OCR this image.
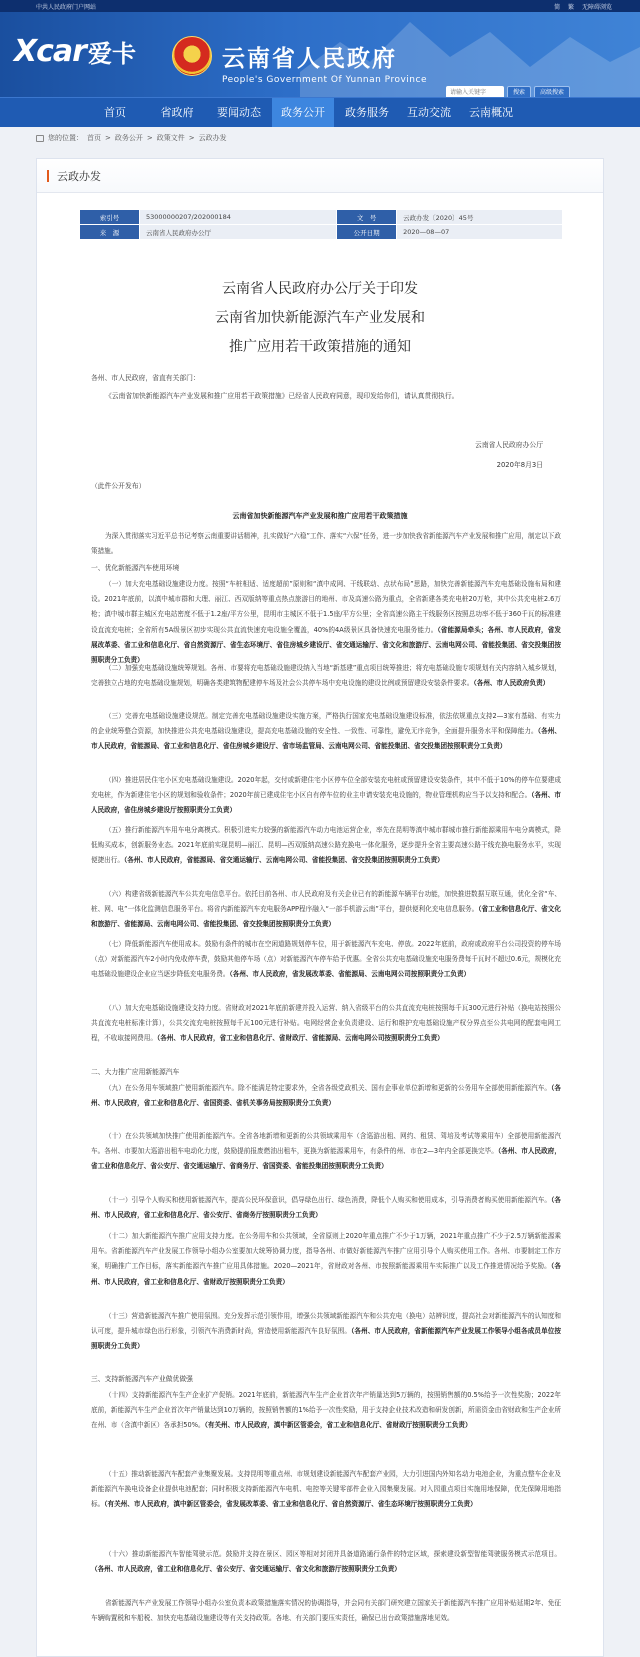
中共人民政府门户网站	简 繁 无障碍浏览
Xcar 爱卡	云南省人民政府
People's Government Of Yunnan Province
请输入关键字
搜索	高级搜索
首页	省政府	要闻动态	政务公开	政务服务	互动交流	云南概况
您的位置： 首页 > 政务公开 > 政策文件 > 云政办发
云政办发
索引号	53000000207/202000184	文　号	云政办发〔2020〕45号
来　源	云南省人民政府办公厅	公开日期	2020—08—07
云南省人民政府办公厅关于印发
云南省加快新能源汽车产业发展和
推广应用若干政策措施的通知
各州、市人民政府，省直有关部门：
《云南省加快新能源汽车产业发展和推广应用若干政策措施》已经省人民政府同意，现印发给你们，请认真贯彻执行。
云南省人民政府办公厅
2020年8月3日
（此件公开发布）
云南省加快新能源汽车产业发展和推广应用若干政策措施
为深入贯彻落实习近平总书记考察云南重要讲话精神，扎实做好“六稳”工作、落实“六保”任务，进一步加快我省新能源汽车产业发展和推广应用，制定以下政策措施。
一、优化新能源汽车使用环境
（一）加大充电基础设施建设力度。按照“车桩相适、适度超前”原则和“滇中成网、干线联动、点状布局”思路，加快完善新能源汽车充电基础设施布局和建设。2021年底前，以滇中城市群和大理、丽江、西双版纳等重点热点旅游目的地州、市及高速公路为重点，全省新建各类充电桩20万枪，其中公共充电桩2.6万枪；滇中城市群主城区充电站密度不低于1.2座/平方公里，昆明市主城区不低于1.5座/平方公里；全省高速公路主干线服务区按照总功率不低于360千瓦的标准建设直流充电桩；全省所有5A级景区初步实现公共直流快速充电设施全覆盖，40%的4A级景区具备快速充电服务能力。（省能源局牵头；各州、市人民政府，省发展改革委、省工业和信息化厅、省自然资源厅、省生态环境厅、省住房城乡建设厅、省交通运输厅、省文化和旅游厅、云南电网公司、省能投集团、省交投集团按照职责分工负责）
（二）加强充电基础设施统筹规划。各州、市要将充电基础设施建设纳入当地“新基建”重点项目统筹推进；将充电基础设施专项规划有关内容纳入城乡规划，完善独立占地的充电基础设施规划，明确各类建筑物配建停车场及社会公共停车场中充电设施的建设比例或预留建设安装条件要求。（各州、市人民政府负责）
（三）完善充电基础设施建设规范。制定完善充电基础设施建设实施方案，严格执行国家充电基础设施建设标准，依法依规重点支持2—3家有基础、有实力的企业统筹整合资源，加快推进公共充电基础设施建设，提高充电基础设施的安全性、一致性、可靠性，避免无序竞争，全面提升服务水平和保障能力。（各州、市人民政府，省能源局、省工业和信息化厅、省住房城乡建设厅、省市场监管局、云南电网公司、省能投集团、省交投集团按照职责分工负责）
（四）推进居民住宅小区充电基础设施建设。2020年起，交付或新建住宅小区停车位全部安装充电桩或预留建设安装条件，其中不低于10%的停车位要建成充电桩，作为新建住宅小区的规划和验收条件；2020年前已建成住宅小区自有停车位的业主申请安装充电设施的，物业管理机构应当予以支持和配合。（各州、市人民政府，省住房城乡建设厅按照职责分工负责）
（五）推行新能源汽车用车电分离模式。积极引进实力较强的新能源汽车动力电池运营企业，率先在昆明等滇中城市群城市推行新能源乘用车电分离模式，降低购买成本，创新服务业态。2021年底前实现昆明—丽江、昆明—西双版纳高速公路充换电一体化服务，逐步提升全省主要高速公路干线充换电服务水平，实现便捷出行。（各州、市人民政府，省能源局、省交通运输厅、云南电网公司、省能投集团、省交投集团按照职责分工负责）
（六）构建省级新能源汽车公共充电信息平台。依托目前各州、市人民政府及有关企业已有的新能源车辆平台功能，加快推进数据互联互通，优化全省“车、桩、网、电”一体化监测信息服务平台。将省内新能源汽车充电服务APP程序融入“一部手机游云南”平台，提供便利化充电信息服务。（省工业和信息化厅、省文化和旅游厅、省能源局、云南电网公司、省能投集团、省交投集团按照职责分工负责）
（七）降低新能源汽车使用成本。鼓励有条件的城市在空闲道路规划停车位，用于新能源汽车充电、停放。2022年底前，政府或政府平台公司投资的停车场（点）对新能源汽车2小时内免收停车费，鼓励其他停车场（点）对新能源汽车停车给予优惠。全省公共充电基础设施充电服务费每千瓦时不超过0.6元，规模化充电基础设施建设企业应当逐步降低充电服务费。（各州、市人民政府，省发展改革委、省能源局、云南电网公司按照职责分工负责）
（八）加大充电基础设施建设支持力度。省财政对2021年底前新建并投入运营、纳入省级平台的公共直流充电桩按照每千瓦300元进行补贴（换电站按照公共直流充电桩标准计算），公共交流充电桩按照每千瓦100元进行补贴。电网经营企业负责建设、运行和维护充电基础设施产权分界点至公共电网的配套电网工程，不收取接网费用。（各州、市人民政府，省工业和信息化厅、省财政厅、省能源局、云南电网公司按照职责分工负责）
二、大力推广应用新能源汽车
（九）在公务用车领域推广使用新能源汽车。除不能满足特定要求外，全省各级党政机关、国有企事业单位新增和更新的公务用车全部使用新能源汽车。（各州、市人民政府，省工业和信息化厅、省国资委、省机关事务局按照职责分工负责）
（十）在公共领域加快推广使用新能源汽车。全省各地新增和更新的公共领域乘用车（含巡游出租、网约、租赁、驾培及考试等乘用车）全部使用新能源汽车。各州、市要加大巡游出租车电动化力度，鼓励提前报废燃油出租车，更换为新能源乘用车，有条件的州、市在2—3年内全部更换完毕。（各州、市人民政府，省工业和信息化厅、省公安厅、省交通运输厅、省商务厅、省国资委、省能投集团按照职责分工负责）
（十一）引导个人购买和使用新能源汽车，提高公民环保意识，倡导绿色出行、绿色消费，降低个人购买和使用成本，引导消费者购买使用新能源汽车。（各州、市人民政府，省工业和信息化厅、省公安厅、省商务厅按照职责分工负责）
（十二）加大新能源汽车推广应用支持力度。在公务用车和公共领域，全省原则上2020年重点推广不少于1万辆，2021年重点推广不少于2.5万辆新能源乘用车。省新能源汽车产业发展工作领导小组办公室要加大统筹协调力度，指导各州、市做好新能源汽车推广应用引导个人购买使用工作。各州、市要制定工作方案，明确推广工作目标，落实新能源汽车推广应用具体措施。2020—2021年，省财政对各州、市按照新能源乘用车实际推广以及工作推进情况给予奖励。（各州、市人民政府，省工业和信息化厅、省财政厅按照职责分工负责）
（十三）营造新能源汽车推广使用氛围。充分发挥示范引领作用，增强公共领域新能源汽车和公共充电（换电）站辨识度，提高社会对新能源汽车的认知度和认可度，提升城市绿色出行形象，引领汽车消费新时尚，营造使用新能源汽车良好氛围。（各州、市人民政府，省新能源汽车产业发展工作领导小组各成员单位按照职责分工负责）
三、支持新能源汽车产业做优做强
（十四）支持新能源汽车生产企业扩产促销。2021年底前，新能源汽车生产企业首次年产销量达到5万辆的，按照销售额的0.5%给予一次性奖励；2022年底前，新能源汽车生产企业首次年产销量达到10万辆的，按照销售额的1%给予一次性奖励，用于支持企业技术改造和研发创新，所需资金由省财政和生产企业所在州、市（含滇中新区）各承担50%。（有关州、市人民政府，滇中新区管委会，省工业和信息化厅、省财政厅按照职责分工负责）
（十五）推动新能源汽车配套产业集聚发展。支持昆明等重点州、市规划建设新能源汽车配套产业园，大力引进国内外知名动力电池企业，为重点整车企业及新能源汽车换电设备企业提供电池配套；同时积极支持新能源汽车电机、电控等关键零部件企业入园集聚发展。对入园重点项目实施用地保障，优先保障用地指标。（有关州、市人民政府，滇中新区管委会，省发展改革委、省工业和信息化厅、省自然资源厅、省生态环境厅按照职责分工负责）
（十六）推动新能源汽车智能驾驶示范。鼓励并支持在景区、园区等相对封闭并具备道路通行条件的特定区域，探索建设新型智能驾驶服务模式示范项目。（各州、市人民政府，省工业和信息化厅、省公安厅、省交通运输厅、省文化和旅游厅按照职责分工负责）
省新能源汽车产业发展工作领导小组办公室负责本政策措施落实情况的协调指导，并会同有关部门研究建立国家关于新能源汽车推广应用补贴延期2年、免征车辆购置税和车船税、加快充电基础设施建设等有关支持政策。各地、有关部门要压实责任，确保已出台政策措施落地见效。
